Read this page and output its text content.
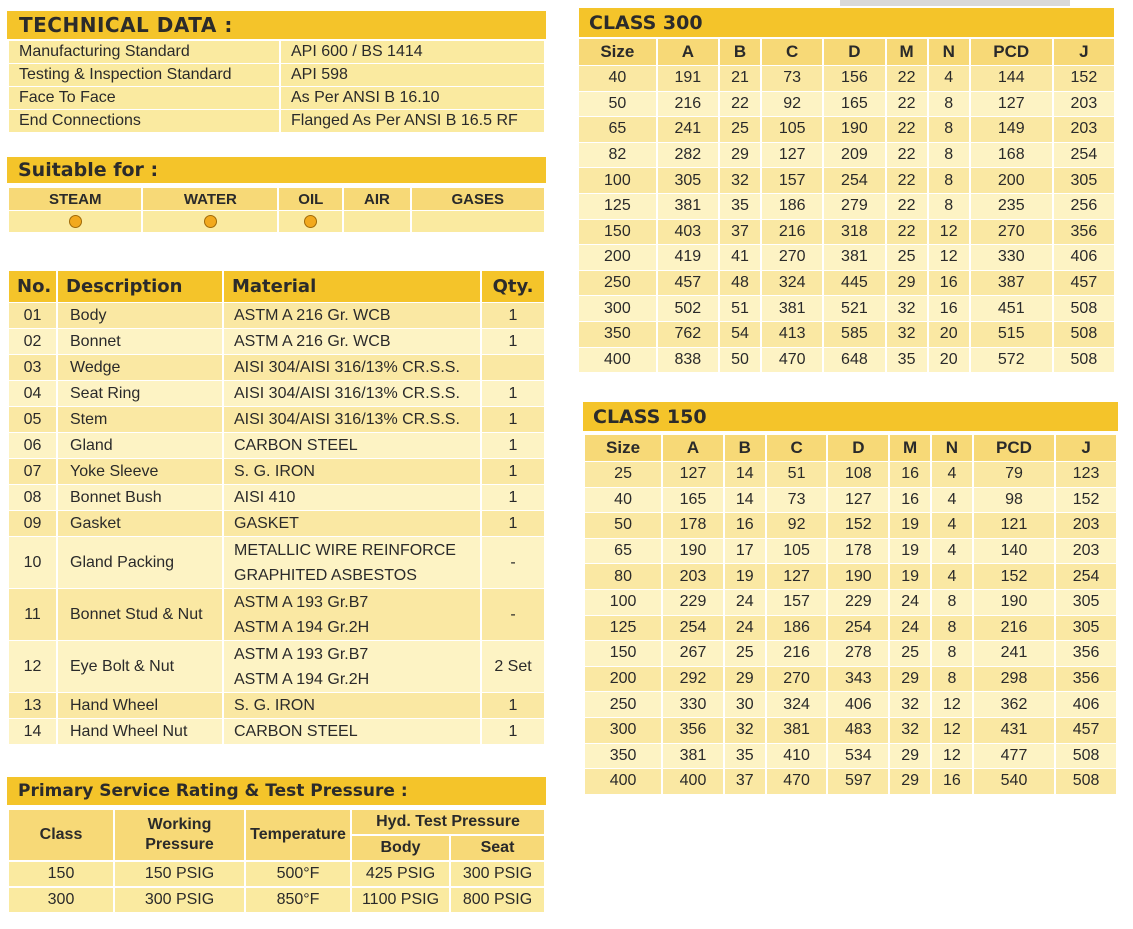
TECHNICAL DATA :
Manufacturing Standard	API 600 / BS 1414
Testing & Inspection Standard	API 598
Face To Face	As Per ANSI B 16.10
End Connections	Flanged As Per ANSI B 16.5 RF
Suitable for :
STEAM	WATER	OIL	AIR	GASES

No.	Description	Material	Qty.
01	Body	ASTM A 216 Gr. WCB	1
02	Bonnet	ASTM A 216 Gr. WCB	1
03	Wedge	AISI 304/AISI 316/13% CR.S.S.	

04	Seat Ring	AISI 304/AISI 316/13% CR.S.S.	1
05	Stem	AISI 304/AISI 316/13% CR.S.S.	1
06	Gland	CARBON STEEL	1
07	Yoke Sleeve	S. G. IRON	1
08	Bonnet Bush	AISI 410	1
09	Gasket	GASKET	1
10	Gland Packing	METALLIC WIRE REINFORCE
GRAPHITED ASBESTOS	-
11	Bonnet Stud & Nut	ASTM A 193 Gr.B7
ASTM A 194 Gr.2H	-
12	Eye Bolt & Nut	ASTM A 193 Gr.B7
ASTM A 194 Gr.2H	2 Set
13	Hand Wheel	S. G. IRON	1
14	Hand Wheel Nut	CARBON STEEL	1
Primary Service Rating & Test Pressure :
Class	Working Pressure	Temperature	Hyd. Test Pressure	
			Body	Seat
150	150 PSIG	500°F	425 PSIG	300 PSIG
300	300 PSIG	850°F	1100 PSIG	800 PSIG
CLASS 300
Size	A	B	C	D	M	N	PCD	J
40	191	21	73	156	22	4	144	152
50	216	22	92	165	22	8	127	203
65	241	25	105	190	22	8	149	203
82	282	29	127	209	22	8	168	254
100	305	32	157	254	22	8	200	305
125	381	35	186	279	22	8	235	256
150	403	37	216	318	22	12	270	356
200	419	41	270	381	25	12	330	406
250	457	48	324	445	29	16	387	457
300	502	51	381	521	32	16	451	508
350	762	54	413	585	32	20	515	508
400	838	50	470	648	35	20	572	508
CLASS 150
Size	A	B	C	D	M	N	PCD	J
25	127	14	51	108	16	4	79	123
40	165	14	73	127	16	4	98	152
50	178	16	92	152	19	4	121	203
65	190	17	105	178	19	4	140	203
80	203	19	127	190	19	4	152	254
100	229	24	157	229	24	8	190	305
125	254	24	186	254	24	8	216	305
150	267	25	216	278	25	8	241	356
200	292	29	270	343	29	8	298	356
250	330	30	324	406	32	12	362	406
300	356	32	381	483	32	12	431	457
350	381	35	410	534	29	12	477	508
400	400	37	470	597	29	16	540	508
